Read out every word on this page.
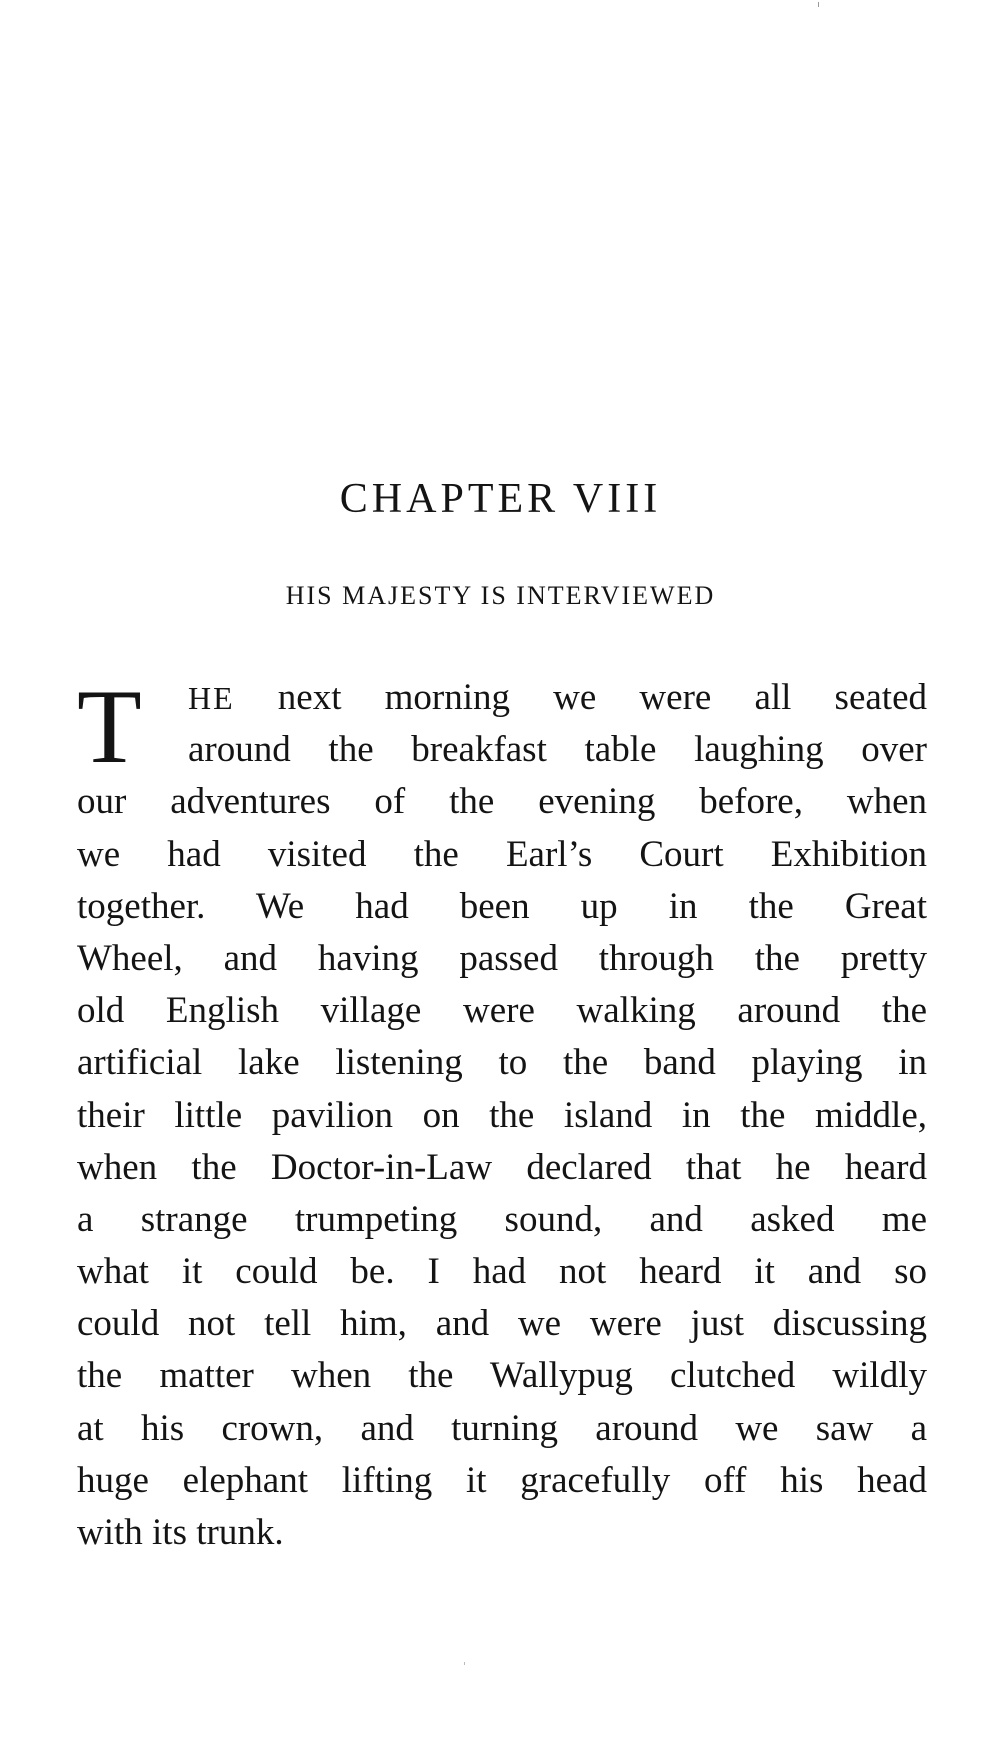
CHAPTER VIII
HIS MAJESTY IS INTERVIEWED
T HE next morning we were all seated
around the breakfast table laughing over
our adventures of the evening before, when
we had visited the Earl’s Court Exhibition
together. We had been up in the Great
Wheel, and having passed through the pretty
old English village were walking around the
artificial lake listening to the band playing in
their little pavilion on the island in the middle,
when the Doctor-in-Law declared that he heard
a strange trumpeting sound, and asked me
what it could be. I had not heard it and so
could not tell him, and we were just discussing
the matter when the Wallypug clutched wildly
at his crown, and turning around we saw a
huge elephant lifting it gracefully off his head
with its trunk.
